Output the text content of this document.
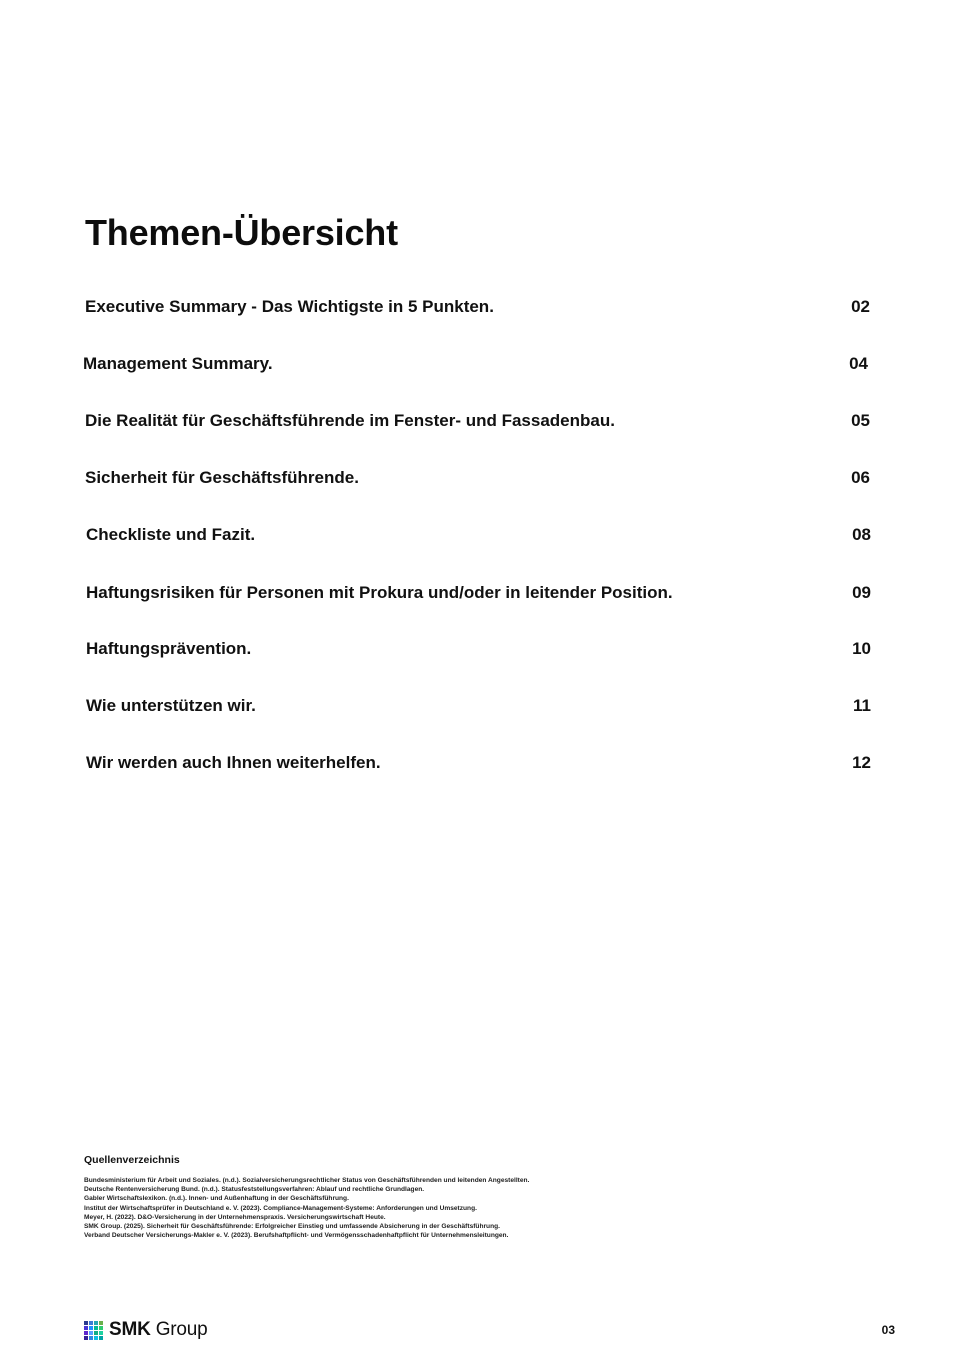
Themen-Übersicht
Executive Summary - Das Wichtigste in 5 Punkten.	02
Management Summary.	04
Die Realität für Geschäftsführende im Fenster- und Fassadenbau.	05
Sicherheit für Geschäftsführende.	06
Checkliste und Fazit.	08
Haftungsrisiken für Personen mit Prokura und/oder in leitender Position.	09
Haftungsprävention.	10
Wie unterstützen wir.	11
Wir werden auch Ihnen weiterhelfen.	12
Quellenverzeichnis
Bundesministerium für Arbeit und Soziales. (n.d.). Sozialversicherungsrechtlicher Status von Geschäftsführenden und leitenden Angestellten.
Deutsche Rentenversicherung Bund. (n.d.). Statusfeststellungsverfahren: Ablauf und rechtliche Grundlagen.
Gabler Wirtschaftslexikon. (n.d.). Innen- und Außenhaftung in der Geschäftsführung.
Institut der Wirtschaftsprüfer in Deutschland e. V. (2023). Compliance-Management-Systeme: Anforderungen und Umsetzung.
Meyer, H. (2022). D&O-Versicherung in der Unternehmenspraxis. Versicherungswirtschaft Heute.
SMK Group. (2025). Sicherheit für Geschäftsführende: Erfolgreicher Einstieg und umfassende Absicherung in der Geschäftsführung.
Verband Deutscher Versicherungs-Makler e. V. (2023). Berufshaftpflicht- und Vermögensschadenhaftpflicht für Unternehmensleitungen.
SMK Group	03
